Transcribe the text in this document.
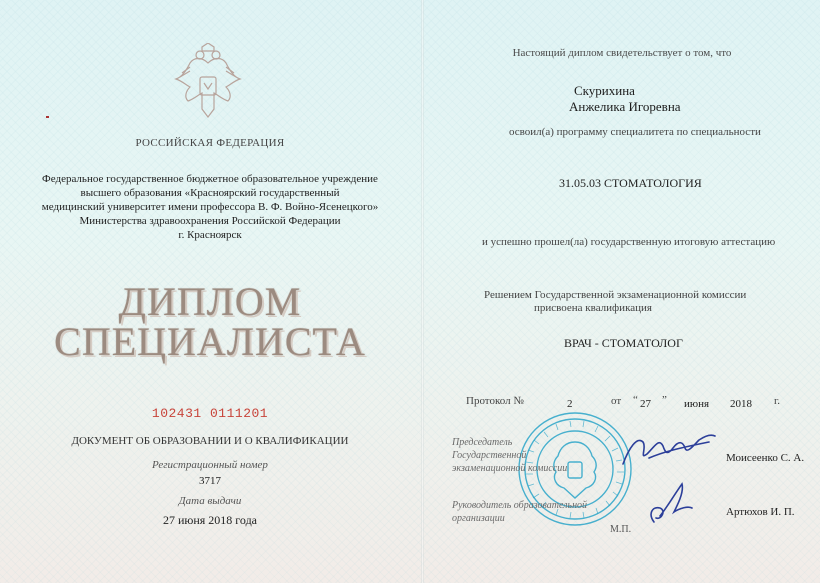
РОССИЙСКАЯ ФЕДЕРАЦИЯ
Федеральное государственное бюджетное образовательное учреждение
высшего образования «Красноярский государственный
медицинский университет имени профессора В. Ф. Войно-Ясенецкого»
Министерства здравоохранения Российской Федерации
г. Красноярск
ДИПЛОМ
СПЕЦИАЛИСТА
102431 0111201
ДОКУМЕНТ ОБ ОБРАЗОВАНИИ И О КВАЛИФИКАЦИИ
Регистрационный номер
3717
Дата выдачи
27 июня 2018 года
Настоящий диплом свидетельствует о том, что
Скурихина
Анжелика Игоревна
освоил(а) программу специалитета по специальности
31.05.03 СТОМАТОЛОГИЯ
и успешно прошел(ла) государственную итоговую аттестацию
Решением Государственной экзаменационной комиссии
присвоена квалификация
ВРАЧ - СТОМАТОЛОГ
Протокол №	2	от “ 27 ” июня 2018 г.
Председатель
Государственной
экзаменационной комиссии
Моисеенко С. А.
Руководитель образовательной
организации
М.П.
Артюхов И. П.
